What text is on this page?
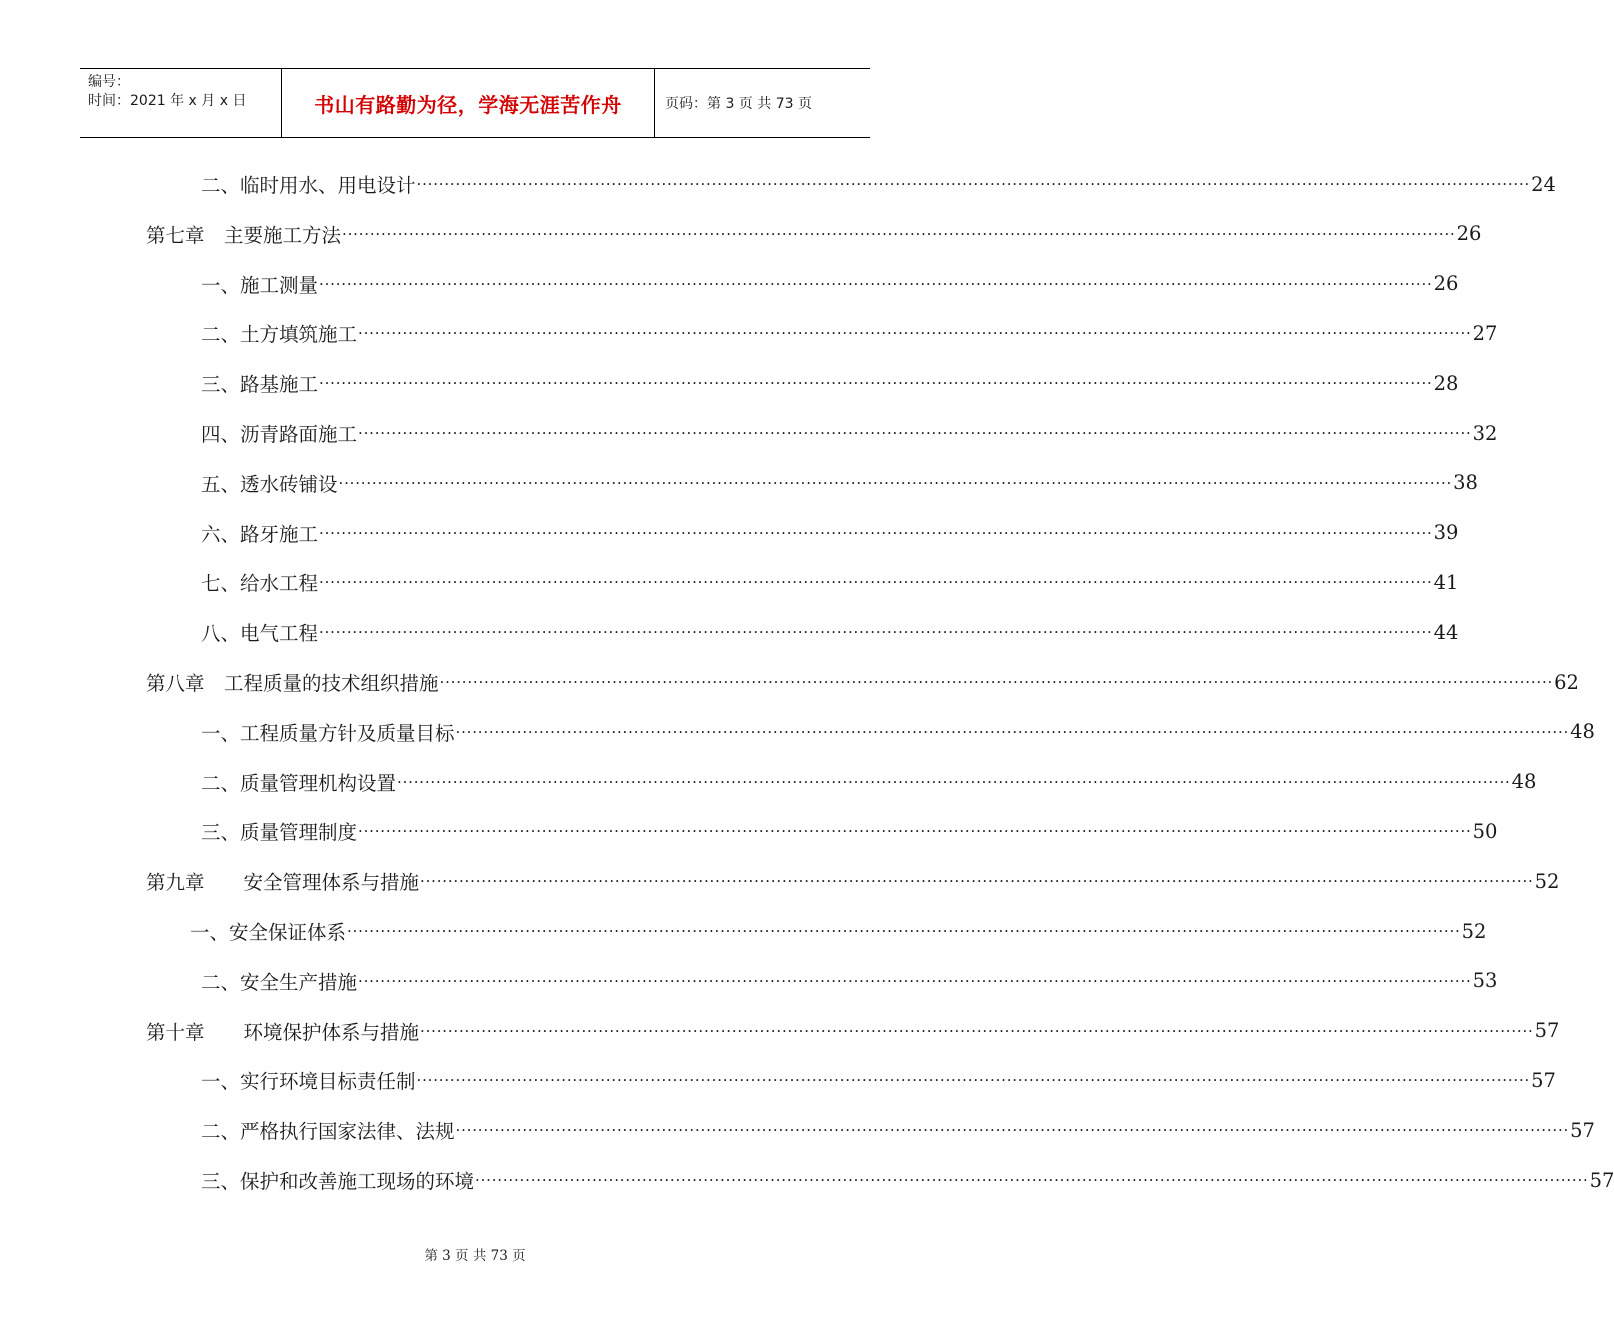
编号：
时间：2021 年 x 月 x 日	书山有路勤为径，学海无涯苦作舟	页码：第 3 页 共 73 页
二、临时用水、用电设计 ········································································································································································································ 24
第七章　主要施工方法 ········································································································································································································ 26
一、施工测量 ········································································································································································································ 26
二、土方填筑施工 ········································································································································································································ 27
三、路基施工 ········································································································································································································ 28
四、沥青路面施工 ········································································································································································································ 32
五、透水砖铺设 ········································································································································································································ 38
六、路牙施工 ········································································································································································································ 39
七、给水工程 ········································································································································································································ 41
八、电气工程 ········································································································································································································ 44
第八章　工程质量的技术组织措施 ········································································································································································································ 62
一、工程质量方针及质量目标 ········································································································································································································ 48
二、质量管理机构设置 ········································································································································································································ 48
三、质量管理制度 ········································································································································································································ 50
第九章　　安全管理体系与措施 ········································································································································································································ 52
一、安全保证体系 ········································································································································································································ 52
二、安全生产措施 ········································································································································································································ 53
第十章　　环境保护体系与措施 ········································································································································································································ 57
一、实行环境目标责任制 ········································································································································································································ 57
二、严格执行国家法律、法规 ········································································································································································································ 57
三、保护和改善施工现场的环境 ········································································································································································································ 57
第 3 页 共 73 页
